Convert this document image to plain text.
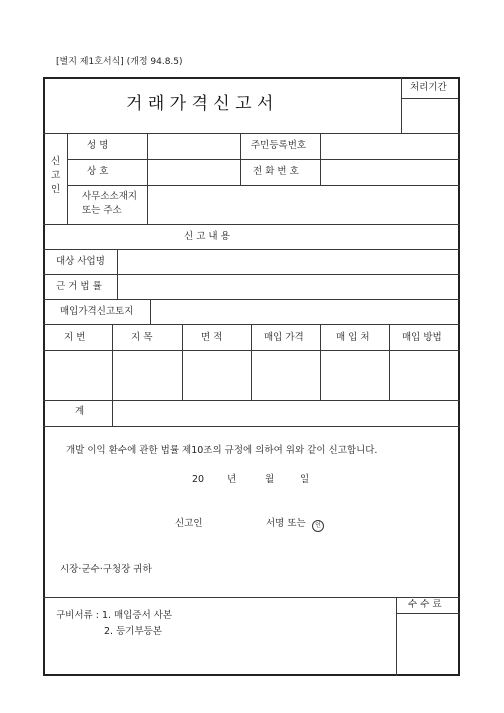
[별지 제1호서식] (개정 94.8.5)
거 래 가 격 신 고 서
처리기간
신
고
인
성 명	주민등록번호
상 호	전 화 번 호
사무소소재지
또는 주소
신 고 내 용
대상 사업명
근 거 법 률
매입가격신고토지
지 번	지 목	면 적	매입 가격	매 입 처	매입 방법
계
개발 이익 환수에 관한 법률 제10조의 규정에 의하여 위와 같이 신고합니다.
20 년	월	일
신고인	서명 또는	인
시장·군수·구청장 귀하
수 수 료
구비서류 : 1. 매입증서 사본
2. 등기부등본
